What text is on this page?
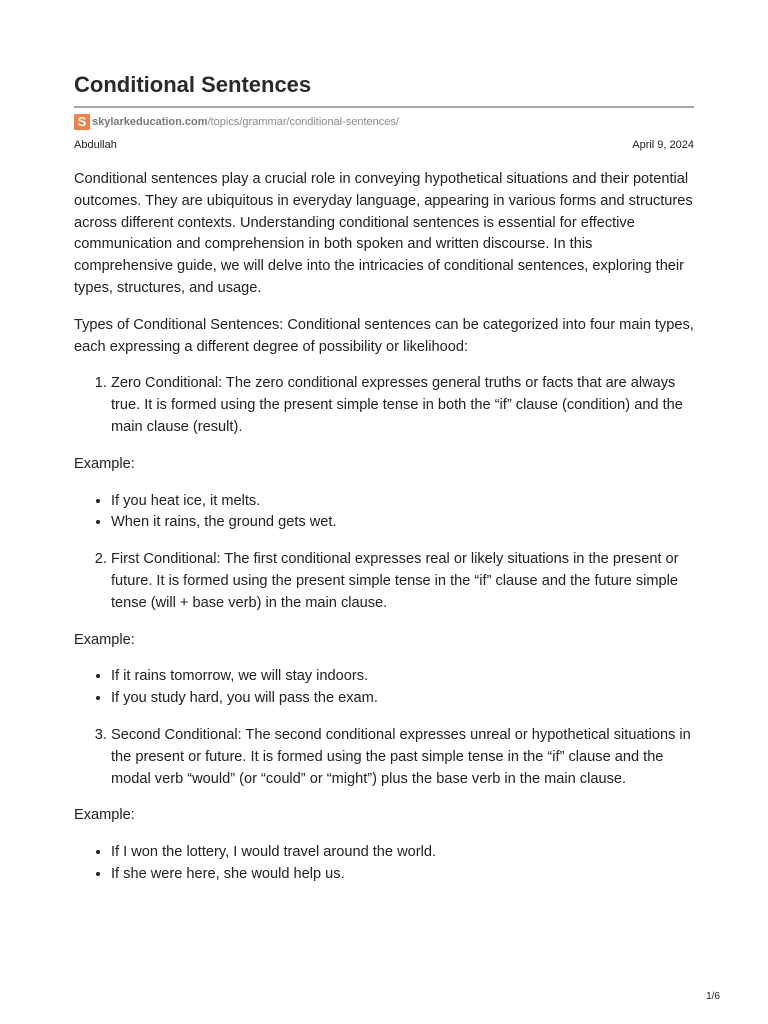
Conditional Sentences
S skylarkeducation.com/topics/grammar/conditional-sentences/
Abdullah	April 9, 2024

Conditional sentences play a crucial role in conveying hypothetical situations and their potential outcomes. They are ubiquitous in everyday language, appearing in various forms and structures across different contexts. Understanding conditional sentences is essential for effective communication and comprehension in both spoken and written discourse. In this comprehensive guide, we will delve into the intricacies of conditional sentences, exploring their types, structures, and usage.

Types of Conditional Sentences: Conditional sentences can be categorized into four main types, each expressing a different degree of possibility or likelihood:

1. Zero Conditional: The zero conditional expresses general truths or facts that are always true. It is formed using the present simple tense in both the “if” clause (condition) and the main clause (result).

Example:

• If you heat ice, it melts.
• When it rains, the ground gets wet.
2. First Conditional: The first conditional expresses real or likely situations in the present or future. It is formed using the present simple tense in the “if” clause and the future simple tense (will + base verb) in the main clause.

Example:

• If it rains tomorrow, we will stay indoors.
• If you study hard, you will pass the exam.
3. Second Conditional: The second conditional expresses unreal or hypothetical situations in the present or future. It is formed using the past simple tense in the “if” clause and the modal verb “would” (or “could” or “might”) plus the base verb in the main clause.

Example:

• If I won the lottery, I would travel around the world.
• If she were here, she would help us.
1/6
